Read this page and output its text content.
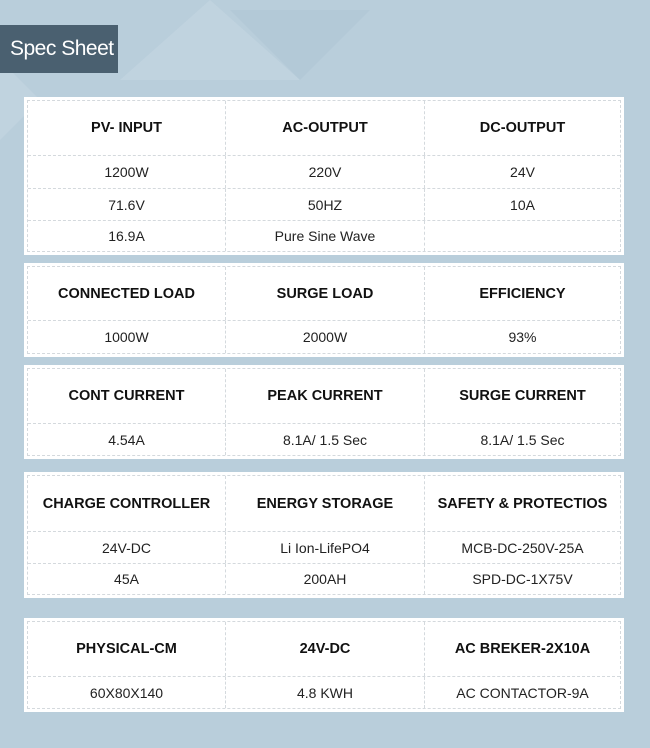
Spec Sheet
PV- INPUT	AC-OUTPUT	DC-OUTPUT
1200W	220V	24V
71.6V	50HZ	10A
16.9A	Pure Sine Wave
CONNECTED LOAD	SURGE LOAD	EFFICIENCY
1000W	2000W	93%
CONT CURRENT	PEAK CURRENT	SURGE CURRENT
4.54A	8.1A/ 1.5 Sec	8.1A/ 1.5 Sec
CHARGE CONTROLLER	ENERGY STORAGE	SAFETY & PROTECTIOS
24V-DC	Li Ion-LifePO4	MCB-DC-250V-25A
45A	200AH	SPD-DC-1X75V
PHYSICAL-CM	24V-DC	AC BREKER-2X10A
60X80X140	4.8 KWH	AC CONTACTOR-9A
